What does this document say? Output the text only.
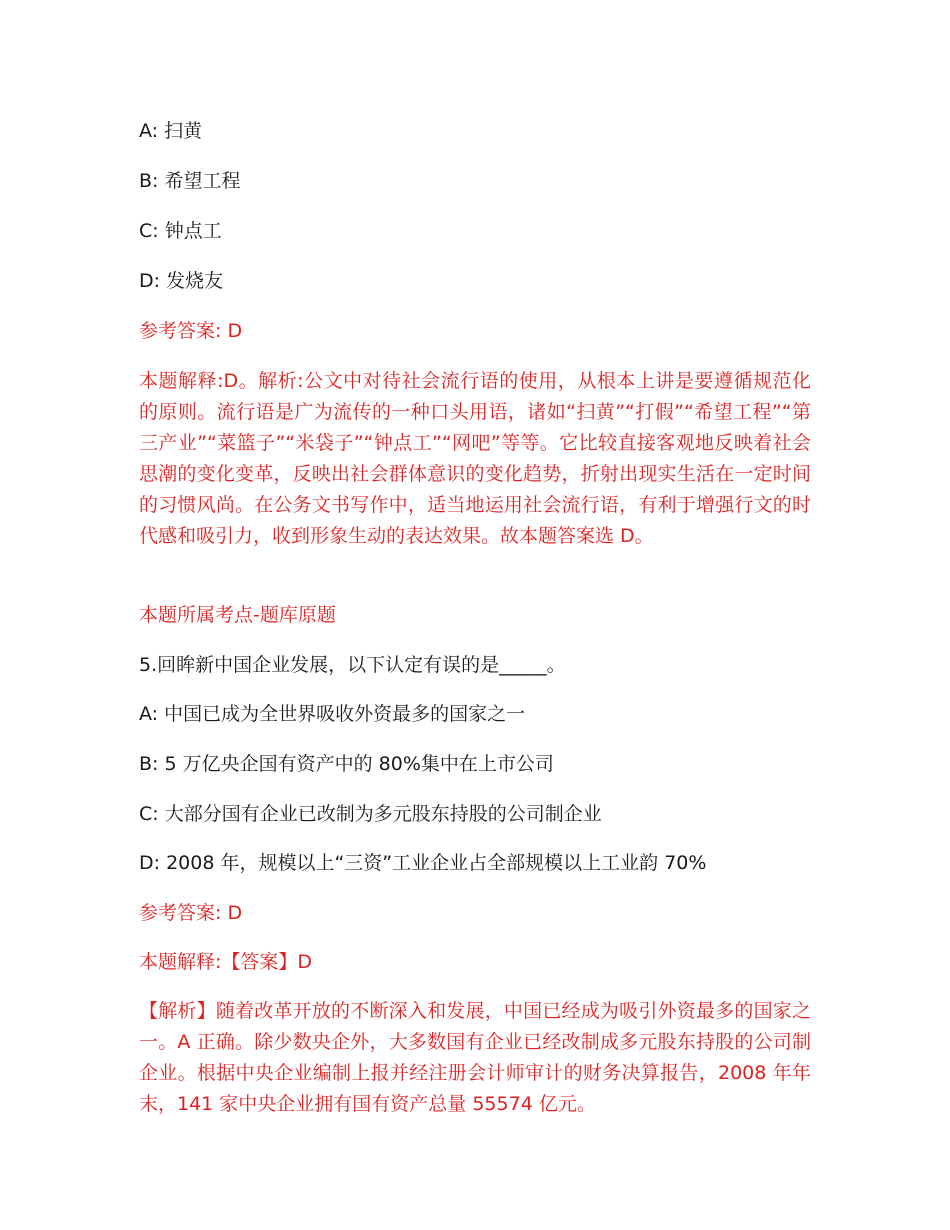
A: 扫黄
B: 希望工程
C: 钟点工
D: 发烧友
参考答案: D
本题解释:D。解析:公文中对待社会流行语的使用，从根本上讲是要遵循规范化的原则。流行语是广为流传的一种口头用语，诸如“扫黄”“打假”“希望工程”“第三产业”“菜篮子”“米袋子”“钟点工”“网吧”等等。它比较直接客观地反映着社会思潮的变化变革，反映出社会群体意识的变化趋势，折射出现实生活在一定时间的习惯风尚。在公务文书写作中，适当地运用社会流行语，有利于增强行文的时代感和吸引力，收到形象生动的表达效果。故本题答案选 D。
本题所属考点-题库原题
5.回眸新中国企业发展，以下认定有误的是_____。
A: 中国已成为全世界吸收外资最多的国家之一
B: 5 万亿央企国有资产中的 80%集中在上市公司
C: 大部分国有企业已改制为多元股东持股的公司制企业
D: 2008 年，规模以上“三资”工业企业占全部规模以上工业韵 70%
参考答案: D
本题解释:【答案】D
【解析】随着改革开放的不断深入和发展，中国已经成为吸引外资最多的国家之一。A 正确。除少数央企外，大多数国有企业已经改制成多元股东持股的公司制企业。根据中央企业编制上报并经注册会计师审计的财务决算报告，2008 年年末，141 家中央企业拥有国有资产总量 55574 亿元。
